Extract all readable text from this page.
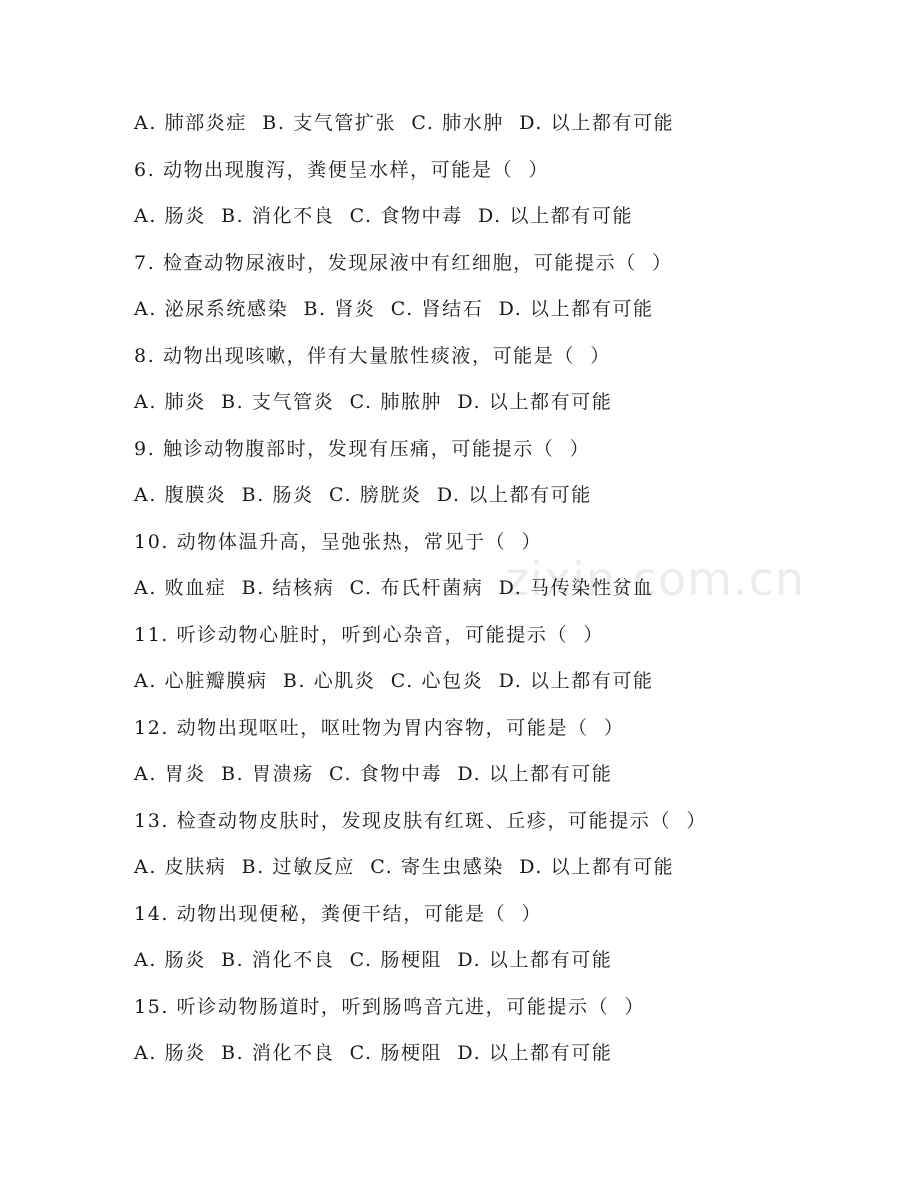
zixin.com.cn
A. 肺部炎症  B. 支气管扩张  C. 肺水肿  D. 以上都有可能
6. 动物出现腹泻，粪便呈水样，可能是（  ）
A. 肠炎  B. 消化不良  C. 食物中毒  D. 以上都有可能
7. 检查动物尿液时，发现尿液中有红细胞，可能提示（  ）
A. 泌尿系统感染  B. 肾炎  C. 肾结石  D. 以上都有可能
8. 动物出现咳嗽，伴有大量脓性痰液，可能是（  ）
A. 肺炎  B. 支气管炎  C. 肺脓肿  D. 以上都有可能
9. 触诊动物腹部时，发现有压痛，可能提示（  ）
A. 腹膜炎  B. 肠炎  C. 膀胱炎  D. 以上都有可能
10. 动物体温升高，呈弛张热，常见于（  ）
A. 败血症  B. 结核病  C. 布氏杆菌病  D. 马传染性贫血
11. 听诊动物心脏时，听到心杂音，可能提示（  ）
A. 心脏瓣膜病  B. 心肌炎  C. 心包炎  D. 以上都有可能
12. 动物出现呕吐，呕吐物为胃内容物，可能是（  ）
A. 胃炎  B. 胃溃疡  C. 食物中毒  D. 以上都有可能
13. 检查动物皮肤时，发现皮肤有红斑、丘疹，可能提示（  ）
A. 皮肤病  B. 过敏反应  C. 寄生虫感染  D. 以上都有可能
14. 动物出现便秘，粪便干结，可能是（  ）
A. 肠炎  B. 消化不良  C. 肠梗阻  D. 以上都有可能
15. 听诊动物肠道时，听到肠鸣音亢进，可能提示（  ）
A. 肠炎  B. 消化不良  C. 肠梗阻  D. 以上都有可能
